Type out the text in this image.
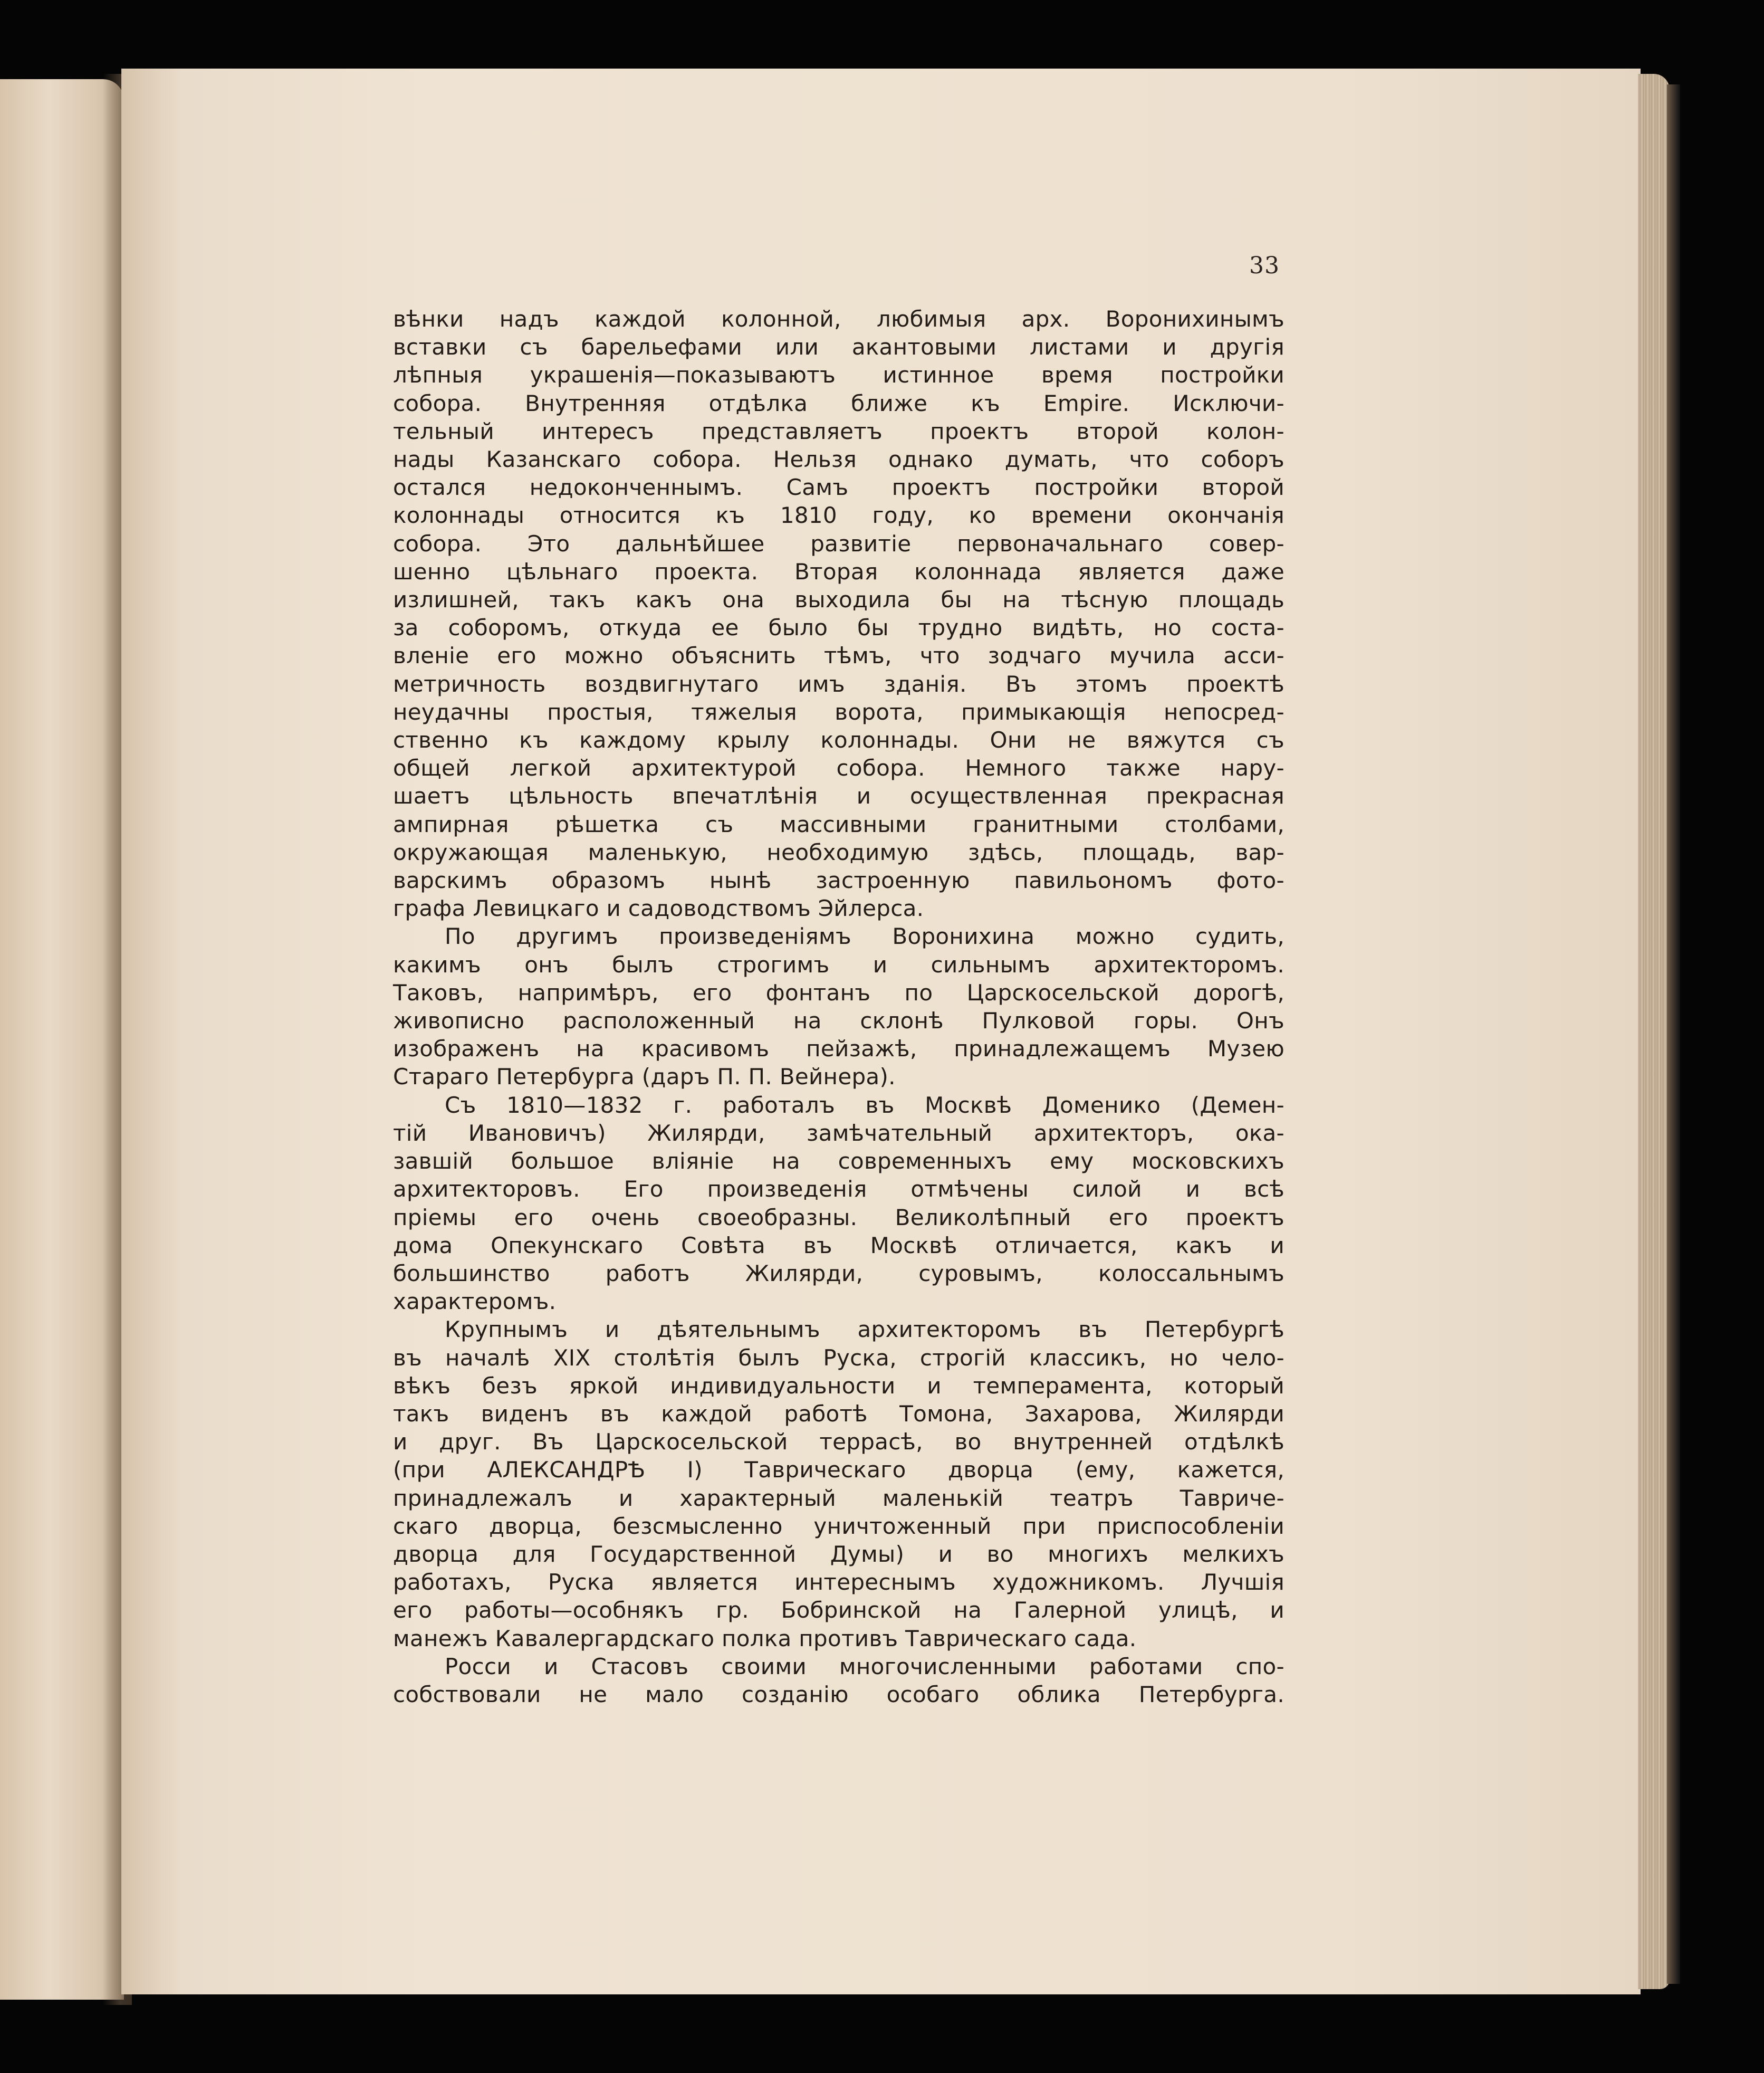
33
вѣнки надъ каждой колонной, любимыя арх. Воронихинымъ
вставки съ барельефами или акантовыми листами и другія
лѣпныя украшенія—показываютъ истинное время постройки
собора. Внутренняя отдѣлка ближе къ Empire. Исключи-
тельный интересъ представляетъ проектъ второй колон-
нады Казанскаго собора. Нельзя однако думать, что соборъ
остался недоконченнымъ. Самъ проектъ постройки второй
колоннады относится къ 1810 году, ко времени окончанія
собора. Это дальнѣйшее развитіе первоначальнаго совер-
шенно цѣльнаго проекта. Вторая колоннада является даже
излишней, такъ какъ она выходила бы на тѣсную площадь
за соборомъ, откуда ее было бы трудно видѣть, но соста-
вленіе его можно объяснить тѣмъ, что зодчаго мучила асси-
метричность воздвигнутаго имъ зданія. Въ этомъ проектѣ
неудачны простыя, тяжелыя ворота, примыкающія непосред-
ственно къ каждому крылу колоннады. Они не вяжутся съ
общей легкой архитектурой собора. Немного также нару-
шаетъ цѣльность впечатлѣнія и осуществленная прекрасная
ампирная рѣшетка съ массивными гранитными столбами,
окружающая маленькую, необходимую здѣсь, площадь, вар-
варскимъ образомъ нынѣ застроенную павильономъ фото-
графа Левицкаго и садоводствомъ Эйлерса.
По другимъ произведеніямъ Воронихина можно судить,
какимъ онъ былъ строгимъ и сильнымъ архитекторомъ.
Таковъ, напримѣръ, его фонтанъ по Царскосельской дорогѣ,
живописно расположенный на склонѣ Пулковой горы. Онъ
изображенъ на красивомъ пейзажѣ, принадлежащемъ Музею
Стараго Петербурга (даръ П. П. Вейнера).
Съ 1810—1832 г. работалъ въ Москвѣ Доменико (Демен-
тій Ивановичъ) Жилярди, замѣчательный архитекторъ, ока-
завшій большое вліяніе на современныхъ ему московскихъ
архитекторовъ. Его произведенія отмѣчены силой и всѣ
пріемы его очень своеобразны. Великолѣпный его проектъ
дома Опекунскаго Совѣта въ Москвѣ отличается, какъ и
большинство работъ Жилярди, суровымъ, колоссальнымъ
характеромъ.
Крупнымъ и дѣятельнымъ архитекторомъ въ Петербургѣ
въ началѣ XIX столѣтія былъ Руска, строгій классикъ, но чело-
вѣкъ безъ яркой индивидуальности и темперамента, который
такъ виденъ въ каждой работѣ Томона, Захарова, Жилярди
и друг. Въ Царскосельской террасѣ, во внутренней отдѣлкѣ
(при АЛЕКСАНДРѢ I) Таврическаго дворца (ему, кажется,
принадлежалъ и характерный маленькій театръ Тавриче-
скаго дворца, безсмысленно уничтоженный при приспособленіи
дворца для Государственной Думы) и во многихъ мелкихъ
работахъ, Руска является интереснымъ художникомъ. Лучшія
его работы—особнякъ гр. Бобринской на Галерной улицѣ, и
манежъ Кавалергардскаго полка противъ Таврическаго сада.
Росси и Стасовъ своими многочисленными работами спо-
собствовали не мало созданію особаго облика Петербурга.
